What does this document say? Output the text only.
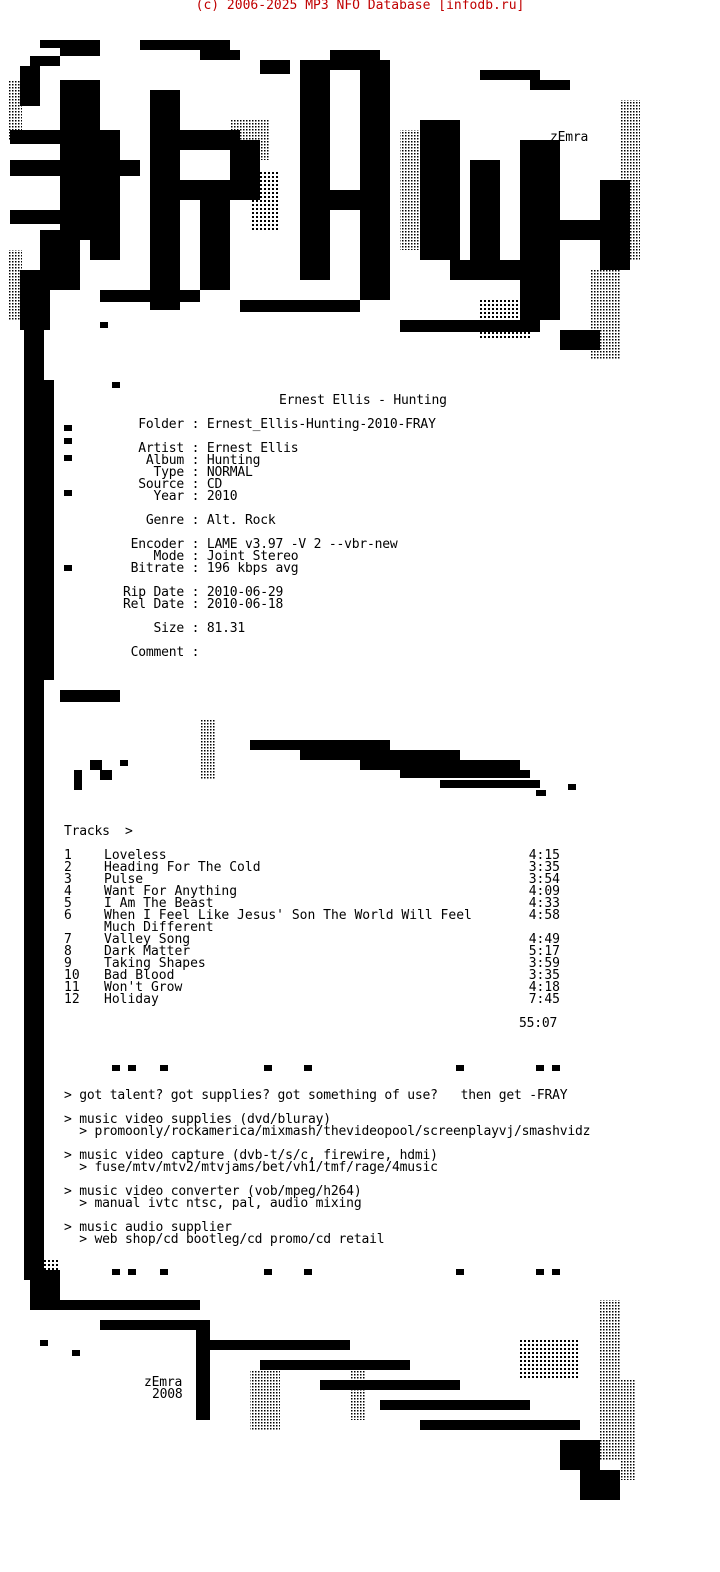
(c) 2006-2025 MP3 NFO Database [infodb.ru]
zEmra
Ernest Ellis - Hunting
Folder : Ernest_Ellis-Hunting-2010-FRAY
Artist : Ernest Ellis
Album : Hunting
Type : NORMAL
Source : CD
Year : 2010
Genre : Alt. Rock
Encoder : LAME v3.97 -V 2 --vbr-new
Mode : Joint Stereo
Bitrate : 196 kbps avg
Rip Date : 2010-06-29
Rel Date : 2010-06-18
Size : 81.31
Comment :
Tracks  >
1 Loveless	4:15
2 Heading For The Cold	3:35
3 Pulse	3:54
4 Want For Anything	4:09
5 I Am The Beast	4:33
6 When I Feel Like Jesus' Son The World Will Feel	4:58
Much Different
7 Valley Song	4:49
8 Dark Matter	5:17
9 Taking Shapes	3:59
10 Bad Blood	3:35
11 Won't Grow	4:18
12 Holiday	7:45
55:07
> got talent? got supplies? got something of use?   then get -FRAY
> music video supplies (dvd/bluray)
> promoonly/rockamerica/mixmash/thevideopool/screenplayvj/smashvidz
> music video capture (dvb-t/s/c, firewire, hdmi)
> fuse/mtv/mtv2/mtvjams/bet/vh1/tmf/rage/4music
> music video converter (vob/mpeg/h264)
> manual ivtc ntsc, pal, audio mixing
> music audio supplier
> web shop/cd bootleg/cd promo/cd retail
zEmra
2008
